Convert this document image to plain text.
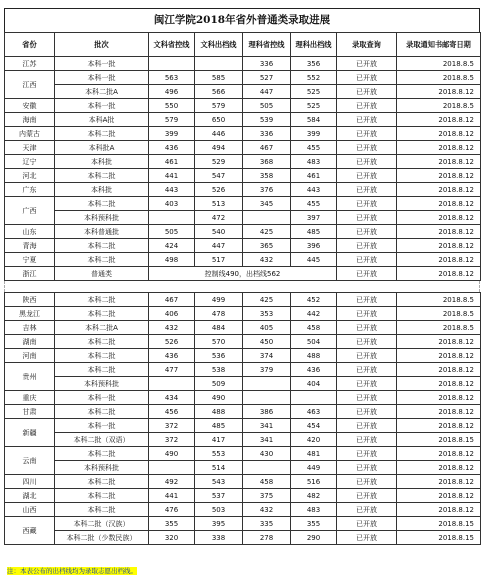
闽江学院2018年省外普通类录取进展
省份	批次	文科省控线	文科出档线	理科省控线	理科出档线	录取查询	录取通知书邮寄日期
江苏	本科一批			336	356	已开放	2018.8.5
江西	本科一批	563	585	527	552	已开放	2018.8.5
	本科二批A	496	566	447	525	已开放	2018.8.12
安徽	本科一批	550	579	505	525	已开放	2018.8.5
海南	本科A批	579	650	539	584	已开放	2018.8.12
内蒙古	本科二批	399	446	336	399	已开放	2018.8.12
天津	本科批A	436	494	467	455	已开放	2018.8.12
辽宁	本科批	461	529	368	483	已开放	2018.8.12
河北	本科二批	441	547	358	461	已开放	2018.8.12
广东	本科批	443	526	376	443	已开放	2018.8.12
广西	本科二批	403	513	345	455	已开放	2018.8.12
	本科预科批		472		397	已开放	2018.8.12
山东	本科普通批	505	540	425	485	已开放	2018.8.12
青海	本科二批	424	447	365	396	已开放	2018.8.12
宁夏	本科二批	498	517	432	445	已开放	2018.8.12
浙江	普通类	控制线490，出档线562				已开放	2018.8.12
陕西	本科二批	467	499	425	452	已开放	2018.8.5
黑龙江	本科二批	406	478	353	442	已开放	2018.8.5
吉林	本科二批A	432	484	405	458	已开放	2018.8.5
湖南	本科二批	526	570	450	504	已开放	2018.8.12
河南	本科二批	436	536	374	488	已开放	2018.8.12
贵州	本科二批	477	538	379	436	已开放	2018.8.12
	本科预科批		509		404	已开放	2018.8.12
重庆	本科一批	434	490			已开放	2018.8.12
甘肃	本科二批	456	488	386	463	已开放	2018.8.12
新疆	本科一批	372	485	341	454	已开放	2018.8.12
	本科二批（双语）	372	417	341	420	已开放	2018.8.15
云南	本科二批	490	553	430	481	已开放	2018.8.12
	本科预科批		514		449	已开放	2018.8.12
四川	本科二批	492	543	458	516	已开放	2018.8.12
湖北	本科二批	441	537	375	482	已开放	2018.8.12
山西	本科二批	476	503	432	483	已开放	2018.8.12
西藏	本科二批（汉族）	355	395	335	355	已开放	2018.8.15
	本科二批（少数民族）	320	338	278	290	已开放	2018.8.15
注：本表公布的出档线均为录取志愿出档线。
